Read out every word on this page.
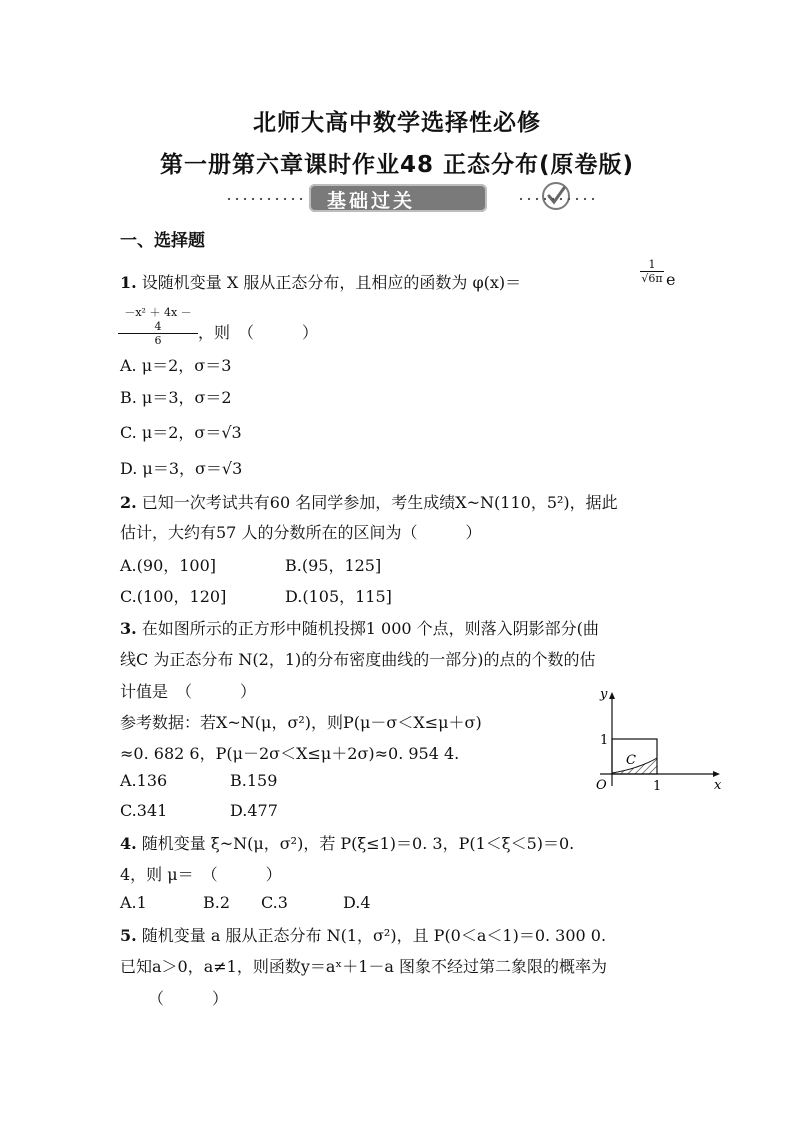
北师大高中数学选择性必修
第一册第六章课时作业48 正态分布(原卷版)
基础过关
一、选择题
1. 设随机变量 X 服从正态分布，且相应的函数为 φ(x)＝	$\frac{1}{√6\pi}$ e
$\frac{\text{－x² ＋ 4x － 4}}{6}$ ，则　（　　　）
A. μ＝2，σ＝3
B. μ＝3，σ＝2
C. μ＝2，σ＝√3
D. μ＝3，σ＝√3
2. 已知一次考试共有60 名同学参加，考生成绩X~N(110，5²)，据此
估计，大约有57 人的分数所在的区间为（　　　）
A.(90，100]	B.(95，125]
C.(100，120]	D.(105，115]
3. 在如图所示的正方形中随机投掷1 000 个点，则落入阴影部分(曲
线C 为正态分布 N(2，1)的分布密度曲线的一部分)的点的个数的估
计值是　（　　　）
参考数据：若X~N(μ，σ²)，则P(μ－σ＜X≤μ＋σ)
≈0. 682 6，P(μ－2σ＜X≤μ＋2σ)≈0. 954 4.
A.136	B.159
C.341	D.477
y
x
O
1
1
C
4. 随机变量 ξ~N(μ，σ²)，若 P(ξ≤1)＝0. 3，P(1＜ξ＜5)＝0.
4，则 μ＝　（　　　）
A.1	B.2 C.3	D.4
5. 随机变量 a 服从正态分布 N(1，σ²)，且 P(0＜a＜1)＝0. 300 0.
已知a＞0，a≠1，则函数y＝aˣ＋1－a 图象不经过第二象限的概率为
（　　　）
